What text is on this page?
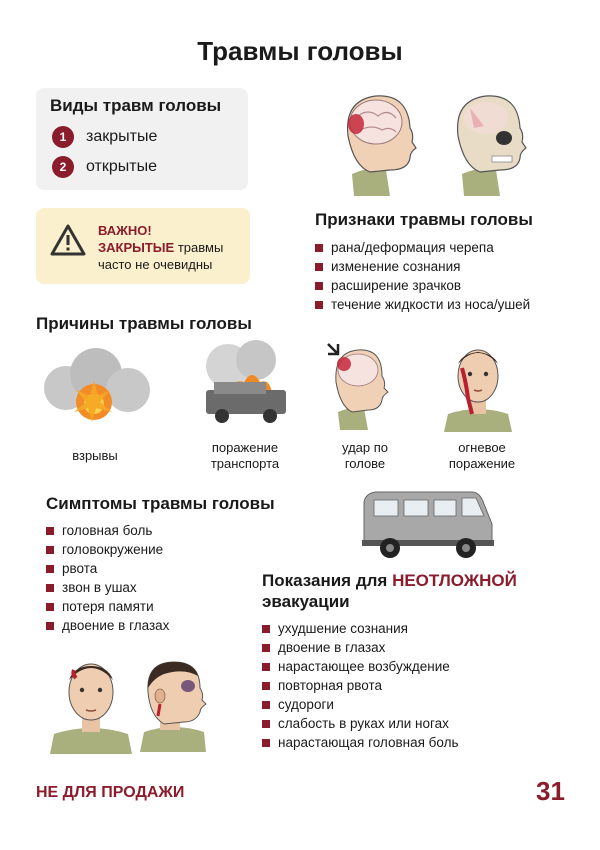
Травмы головы
Виды травм головы
1	закрытые
2	открытые
ВАЖНО!
ЗАКРЫТЫЕ травмы
часто не очевидны
Признаки травмы головы
рана/деформация черепа
изменение сознания
расширение зрачков
течение жидкости из носа/ушей
Причины травмы головы
взрывы
поражение
транспорта
удар по
голове
огневое
поражение
Симптомы травмы головы
головная боль
головокружение
рвота
звон в ушах
потеря памяти
двоение в глазах
Показания для НЕОТЛОЖНОЙ
эвакуации
ухудшение сознания
двоение в глазах
нарастающее возбуждение
повторная рвота
судороги
слабость в руках или ногах
нарастающая головная боль
НЕ ДЛЯ ПРОДАЖИ	31
